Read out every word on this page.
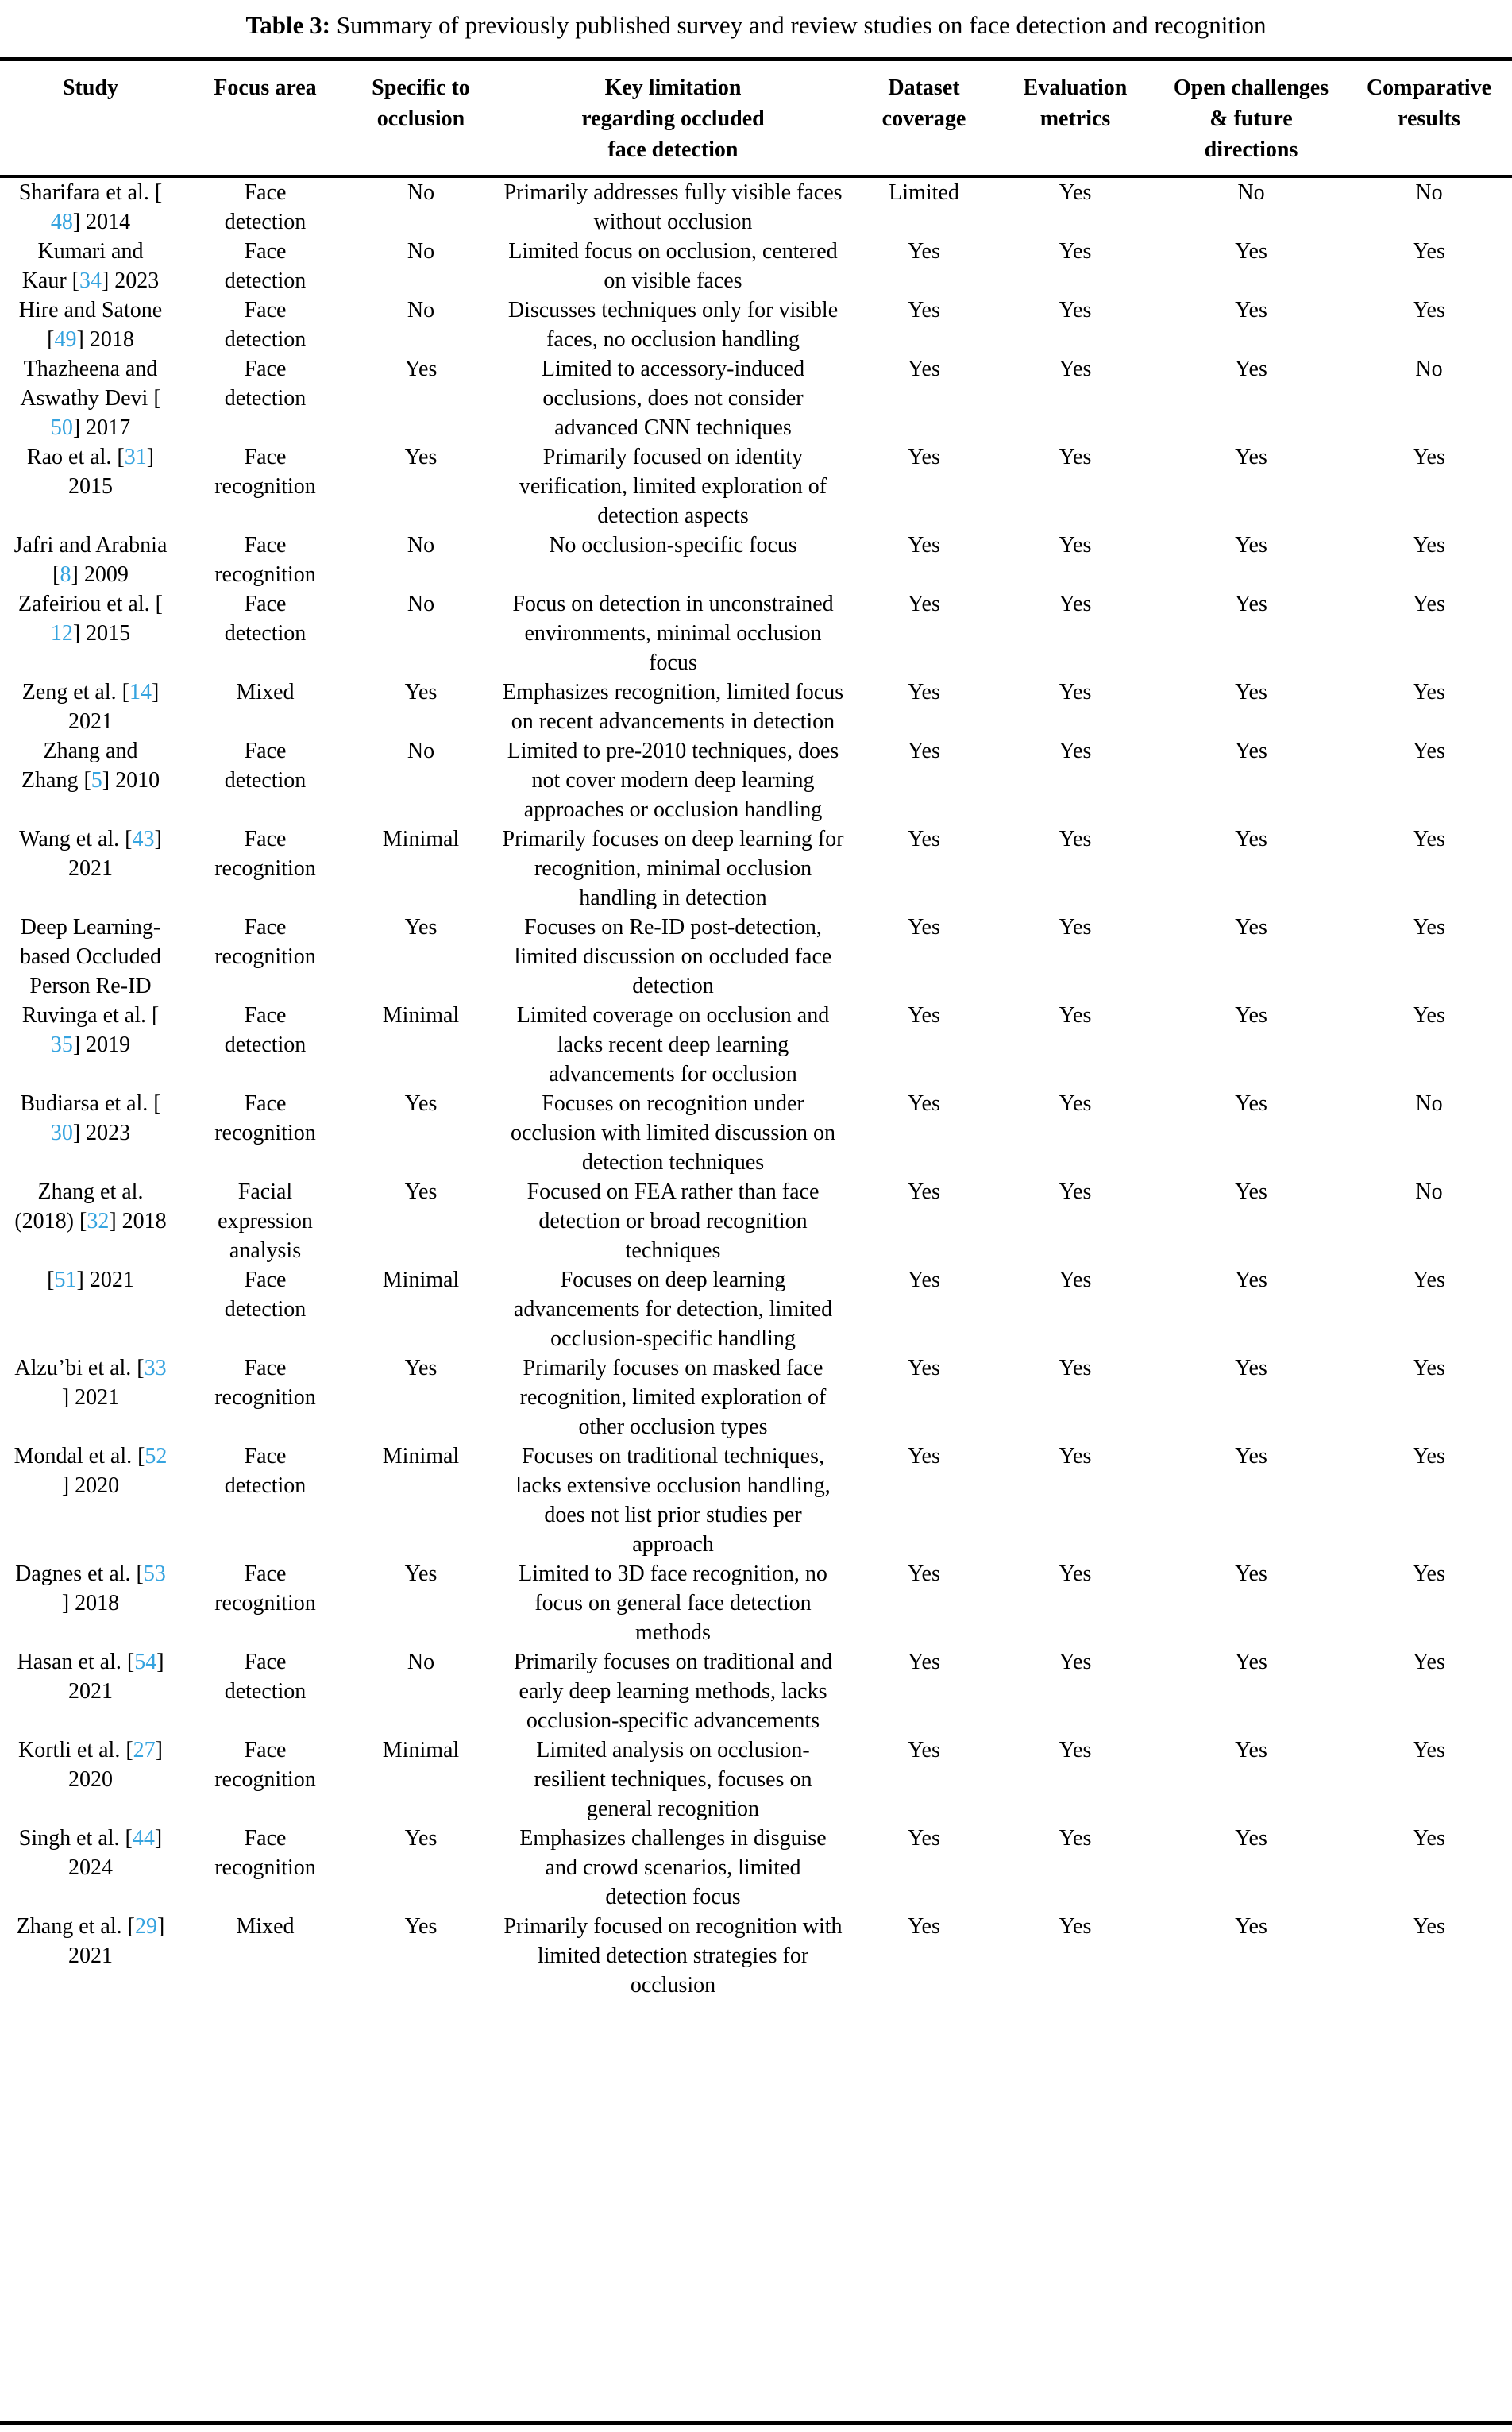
Table 3: Summary of previously published survey and review studies on face detection and recognition
Study	Focus area	Specific to occlusion	Key limitation regarding occluded face detection	Dataset coverage	Evaluation metrics	Open challenges & future directions	Comparative results
Sharifara et al. [48] 2014	Face detection	No	Primarily addresses fully visible faces without occlusion	Limited	Yes	No	No
Kumari and Kaur [34] 2023	Face detection	No	Limited focus on occlusion, centered on visible faces	Yes	Yes	Yes	Yes
Hire and Satone [49] 2018	Face detection	No	Discusses techniques only for visible faces, no occlusion handling	Yes	Yes	Yes	Yes
Thazheena and Aswathy Devi [50] 2017	Face detection	Yes	Limited to accessory-induced occlusions, does not consider advanced CNN techniques	Yes	Yes	Yes	No
Rao et al. [31] 2015	Face recognition	Yes	Primarily focused on identity verification, limited exploration of detection aspects	Yes	Yes	Yes	Yes
Jafri and Arabnia [8] 2009	Face recognition	No	No occlusion-specific focus	Yes	Yes	Yes	Yes
Zafeiriou et al. [12] 2015	Face detection	No	Focus on detection in unconstrained environments, minimal occlusion focus	Yes	Yes	Yes	Yes
Zeng et al. [14] 2021	Mixed	Yes	Emphasizes recognition, limited focus on recent advancements in detection	Yes	Yes	Yes	Yes
Zhang and Zhang [5] 2010	Face detection	No	Limited to pre-2010 techniques, does not cover modern deep learning approaches or occlusion handling	Yes	Yes	Yes	Yes
Wang et al. [43] 2021	Face recognition	Minimal	Primarily focuses on deep learning for recognition, minimal occlusion handling in detection	Yes	Yes	Yes	Yes
Deep Learning-based Occluded Person Re-ID	Face recognition	Yes	Focuses on Re-ID post-detection, limited discussion on occluded face detection	Yes	Yes	Yes	Yes
Ruvinga et al. [35] 2019	Face detection	Minimal	Limited coverage on occlusion and lacks recent deep learning advancements for occlusion	Yes	Yes	Yes	Yes
Budiarsa et al. [30] 2023	Face recognition	Yes	Focuses on recognition under occlusion with limited discussion on detection techniques	Yes	Yes	Yes	No
Zhang et al. (2018) [32] 2018	Facial expression analysis	Yes	Focused on FEA rather than face detection or broad recognition techniques	Yes	Yes	Yes	No
[51] 2021	Face detection	Minimal	Focuses on deep learning advancements for detection, limited occlusion-specific handling	Yes	Yes	Yes	Yes
Alzu’bi et al. [33] 2021	Face recognition	Yes	Primarily focuses on masked face recognition, limited exploration of other occlusion types	Yes	Yes	Yes	Yes
Mondal et al. [52] 2020	Face detection	Minimal	Focuses on traditional techniques, lacks extensive occlusion handling, does not list prior studies per approach	Yes	Yes	Yes	Yes
Dagnes et al. [53] 2018	Face recognition	Yes	Limited to 3D face recognition, no focus on general face detection methods	Yes	Yes	Yes	Yes
Hasan et al. [54] 2021	Face detection	No	Primarily focuses on traditional and early deep learning methods, lacks occlusion-specific advancements	Yes	Yes	Yes	Yes
Kortli et al. [27] 2020	Face recognition	Minimal	Limited analysis on occlusion-resilient techniques, focuses on general recognition	Yes	Yes	Yes	Yes
Singh et al. [44] 2024	Face recognition	Yes	Emphasizes challenges in disguise and crowd scenarios, limited detection focus	Yes	Yes	Yes	Yes
Zhang et al. [29] 2021	Mixed	Yes	Primarily focused on recognition with limited detection strategies for occlusion	Yes	Yes	Yes	Yes
